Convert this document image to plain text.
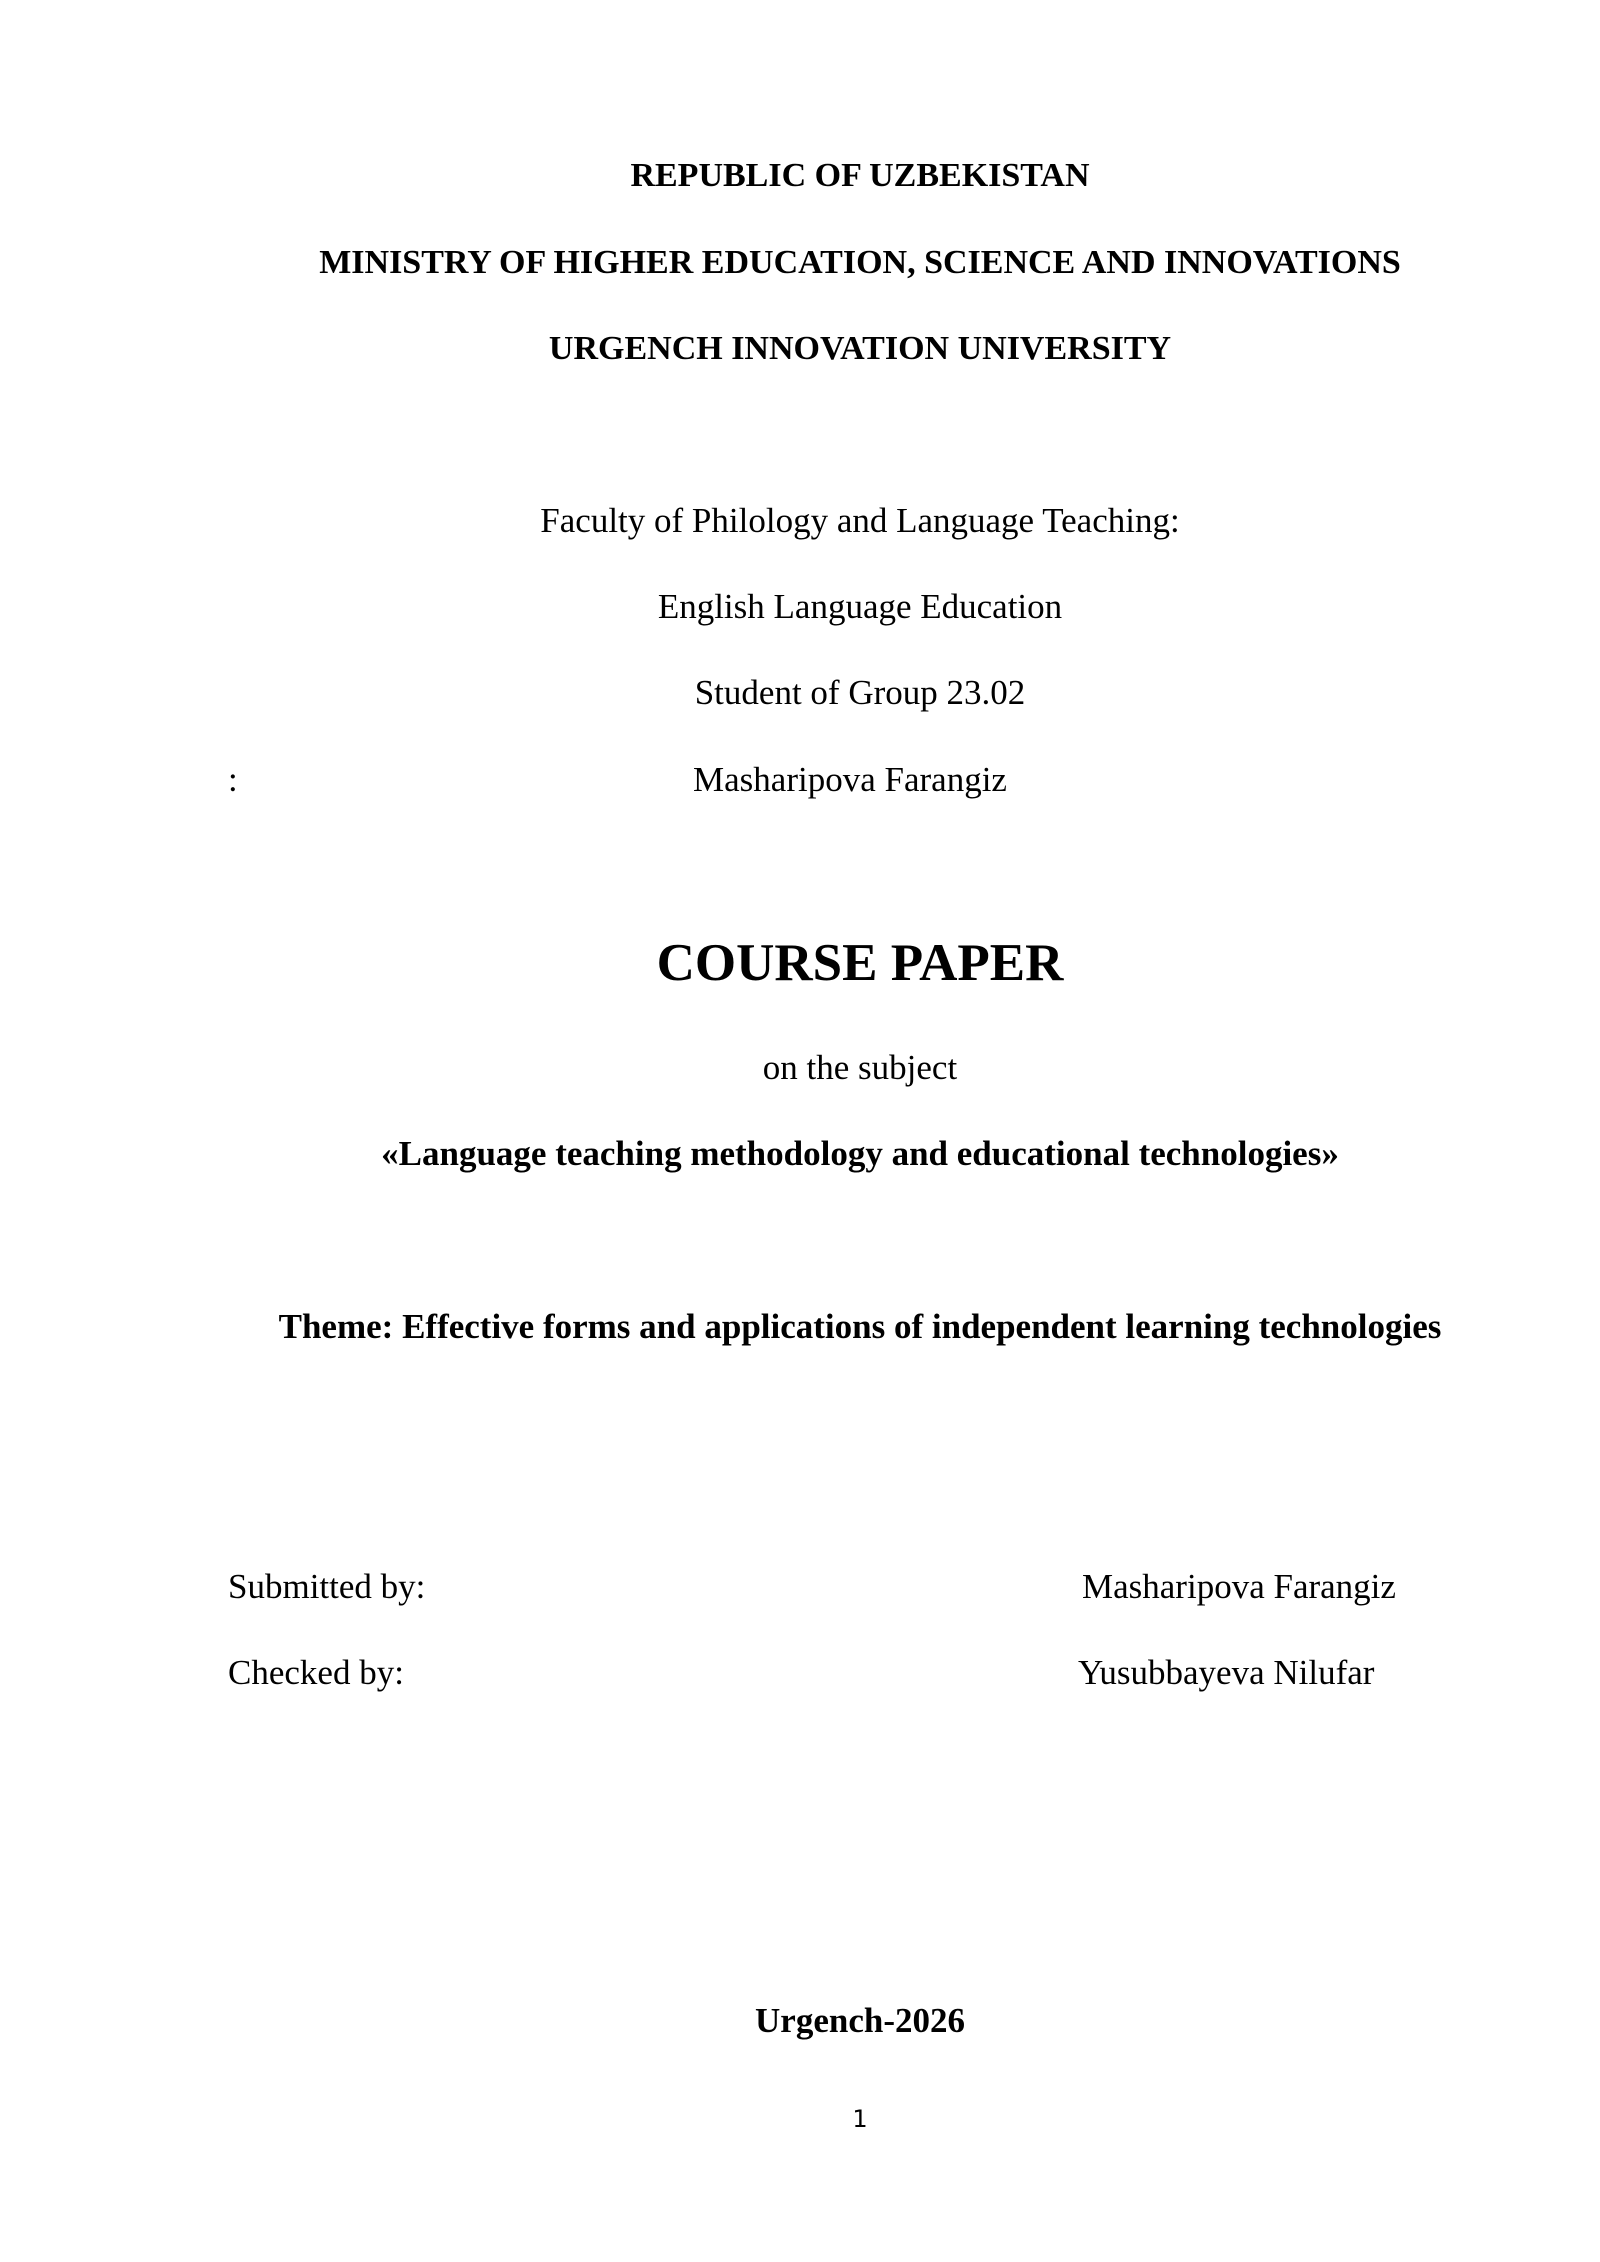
REPUBLIC OF UZBEKISTAN
MINISTRY OF HIGHER EDUCATION, SCIENCE AND INNOVATIONS
URGENCH INNOVATION UNIVERSITY
Faculty of Philology and Language Teaching:
English Language Education
Student of Group 23.02
:	Masharipova Farangiz
COURSE PAPER
on the subject
«Language teaching methodology and educational technologies»
Theme: Effective forms and applications of independent learning technologies
Submitted by:	Masharipova Farangiz
Checked by:	Yusubbayeva Nilufar
Urgench-2026
1
